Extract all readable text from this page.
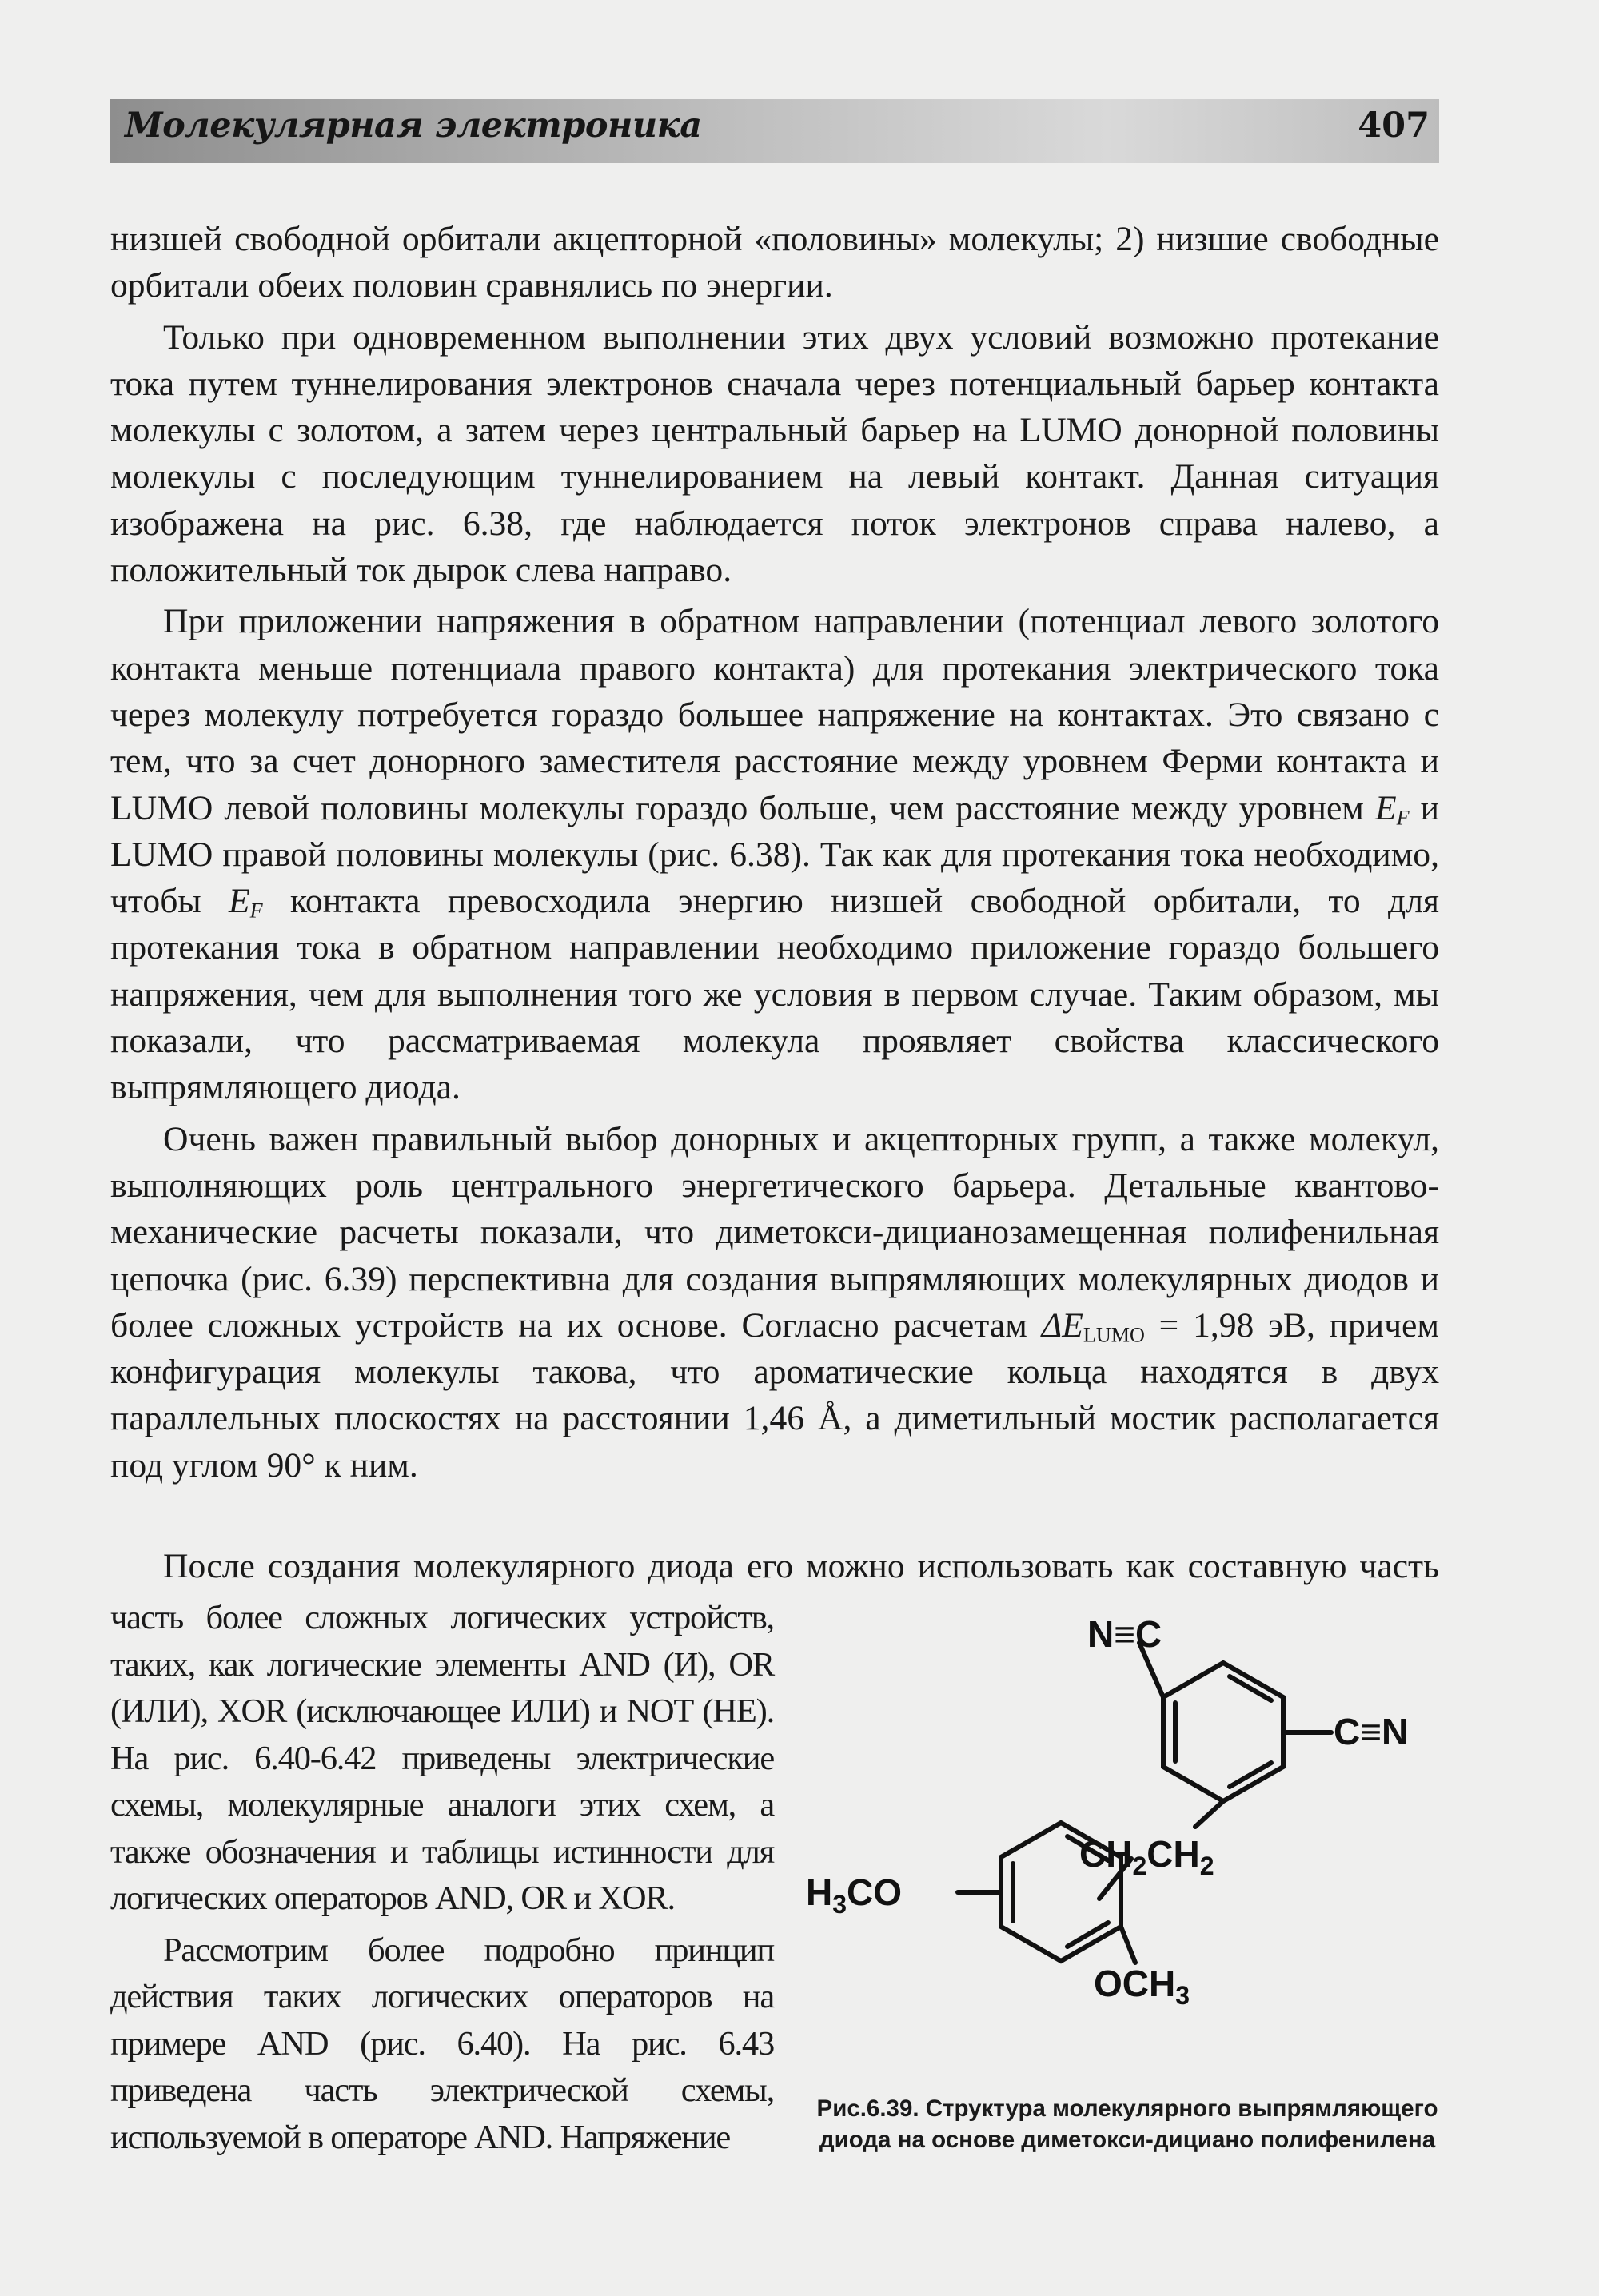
Молекулярная электроника	407

низшей свободной орбитали акцепторной «половины» молекулы; 2) низшие свободные орбитали обеих половин сравнялись по энергии.

Только при одновременном выполнении этих двух условий возможно протекание тока путем туннелирования электронов сначала через потенциальный барьер контакта молекулы с золотом, а затем через центральный барьер на LUMO донорной половины молекулы с последующим туннелированием на левый контакт. Данная ситуация изображена на рис. 6.38, где наблюдается поток электронов справа налево, а положительный ток дырок слева направо.

При приложении напряжения в обратном направлении (потенциал левого золотого контакта меньше потенциала правого контакта) для протекания электрического тока через молекулу потребуется гораздо большее напряжение на контактах. Это связано с тем, что за счет донорного заместителя расстояние между уровнем Ферми контакта и LUMO левой половины молекулы гораздо больше, чем расстояние между уровнем $E_F$ и LUMO правой половины молекулы (рис. 6.38). Так как для протекания тока необходимо, чтобы $E_F$ контакта превосходила энергию низшей свободной орбитали, то для протекания тока в обратном направлении необходимо приложение гораздо большего напряжения, чем для выполнения того же условия в первом случае. Таким образом, мы показали, что рассматриваемая молекула проявляет свойства классического выпрямляющего диода.

Очень важен правильный выбор донорных и акцепторных групп, а также молекул, выполняющих роль центрального энергетического барьера. Детальные квантово-механические расчеты показали, что диметокси-дицианозамещенная полифенильная цепочка (рис. 6.39) перспективна для создания выпрямляющих молекулярных диодов и более сложных устройств на их основе. Согласно расчетам $\Delta E_{LUMO} = 1,98$ эВ, причем конфигурация молекулы такова, что ароматические кольца находятся в двух параллельных плоскостях на расстоянии 1,46 Å, а диметильный мостик располагается под углом 90° к ним.

После создания молекулярного диода его можно использовать как составную часть

часть более сложных логических устройств, таких, как логические элементы AND (И), OR (ИЛИ), XOR (исключающее ИЛИ) и NOT (НЕ). На рис. 6.40-6.42 приведены электрические схемы, молекулярные аналоги этих схем, а также обозначения и таблицы истинности для логических операторов AND, OR и XOR.

Рассмотрим более подробно принцип действия таких логических операторов на примере AND (рис. 6.40). На рис. 6.43 приведена часть электрической схемы, используемой в операторе AND. Напряжение

N≡C
C≡N
$CH_2CH_2$
$H_3CO$
$OCH_3$
Рис.6.39. Структура молекулярного выпрямляющего диода на основе диметокси-дициано полифенилена
